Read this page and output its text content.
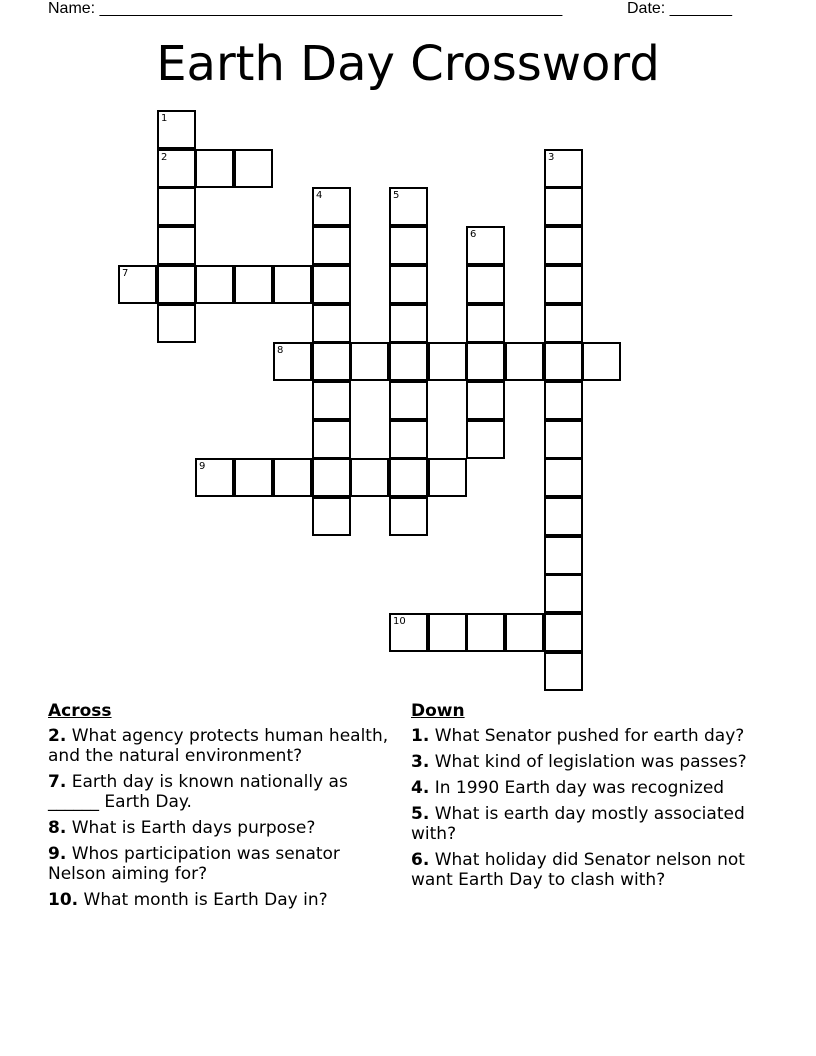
Name: ____________________________________________________	Date: _______
Earth Day Crossword
1
2	3
4	5
6
7
8
9
10
Across
2. What agency protects human health, and the natural environment?
7. Earth day is known nationally as ______ Earth Day.
8. What is Earth days purpose?
9. Whos participation was senator Nelson aiming for?
10. What month is Earth Day in?
Down
1. What Senator pushed for earth day?
3. What kind of legislation was passes?
4. In 1990 Earth day was recognized
5. What is earth day mostly associated with?
6. What holiday did Senator nelson not want Earth Day to clash with?
